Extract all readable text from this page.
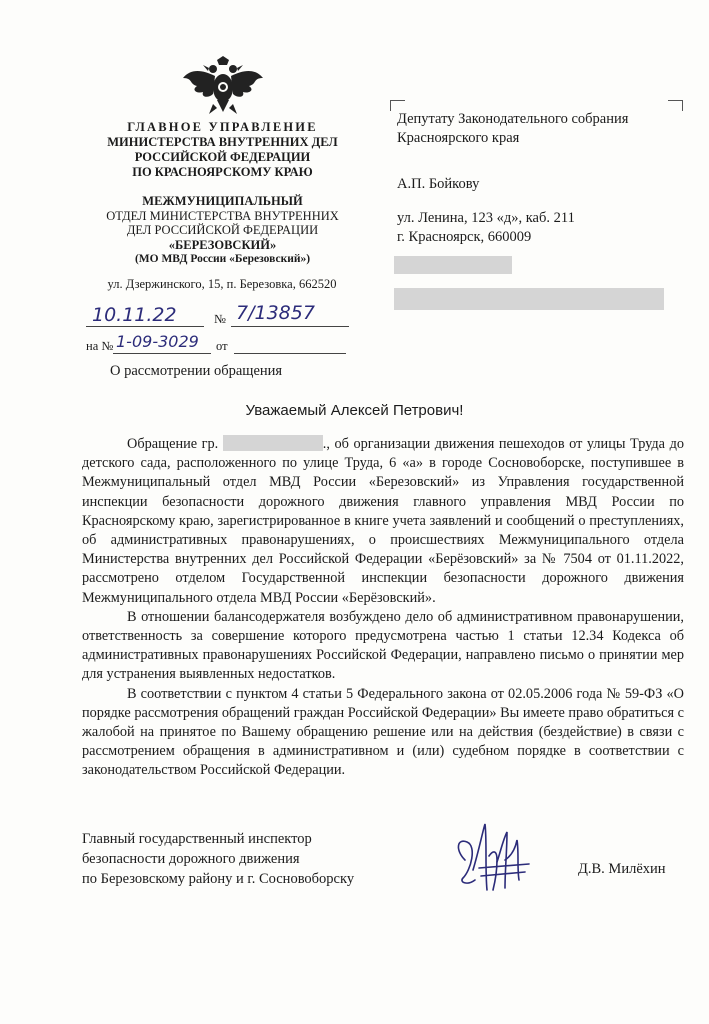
ГЛАВНОЕ УПРАВЛЕНИЕ
МИНИСТЕРСТВА ВНУТРЕННИХ ДЕЛ
РОССИЙСКОЙ ФЕДЕРАЦИИ
ПО КРАСНОЯРСКОМУ КРАЮ
МЕЖМУНИЦИПАЛЬНЫЙ
ОТДЕЛ МИНИСТЕРСТВА ВНУТРЕННИХ
ДЕЛ РОССИЙСКОЙ ФЕДЕРАЦИИ
«БЕРЕЗОВСКИЙ»
(МО МВД России «Березовский»)
ул. Дзержинского, 15, п. Березовка, 662520
10.11.22	№ 7/13857
на № 1-09-3029 от
О рассмотрении обращения
Депутату Законодательного собрания
Красноярского края
А.П. Бойкову
ул. Ленина, 123 «д», каб. 211
г. Красноярск, 660009
Уважаемый Алексей Петрович!

Обращение гр.	., об организации движения пешеходов от улицы Труда до детского сада, расположенного по улице Труда, 6 «а» в городе Сосновоборске, поступившее в Межмуниципальный отдел МВД России «Березовский» из Управления государственной инспекции безопасности дорожного движения главного управления МВД России по Красноярскому краю, зарегистрированное в книге учета заявлений и сообщений о преступлениях, об административных правонарушениях, о происшествиях Межмуниципального отдела Министерства внутренних дел Российской Федерации «Берёзовский» за № 7504 от 01.11.2022, рассмотрено отделом Государственной инспекции безопасности дорожного движения Межмуниципального отдела МВД России «Берёзовский».

В отношении балансодержателя возбуждено дело об административном правонарушении, ответственность за совершение которого предусмотрена частью 1 статьи 12.34 Кодекса об административных правонарушениях Российской Федерации, направлено письмо о принятии мер для устранения выявленных недостатков.

В соответствии с пунктом 4 статьи 5 Федерального закона от 02.05.2006 года № 59-ФЗ «О порядке рассмотрения обращений граждан Российской Федерации» Вы имеете право обратиться с жалобой на принятое по Вашему обращению решение или на действия (бездействие) в связи с рассмотрением обращения в административном и (или) судебном порядке в соответствии с законодательством Российской Федерации.

Главный государственный инспектор
безопасности дорожного движения
по Березовскому району и г. Сосновоборску
Д.В. Милёхин
